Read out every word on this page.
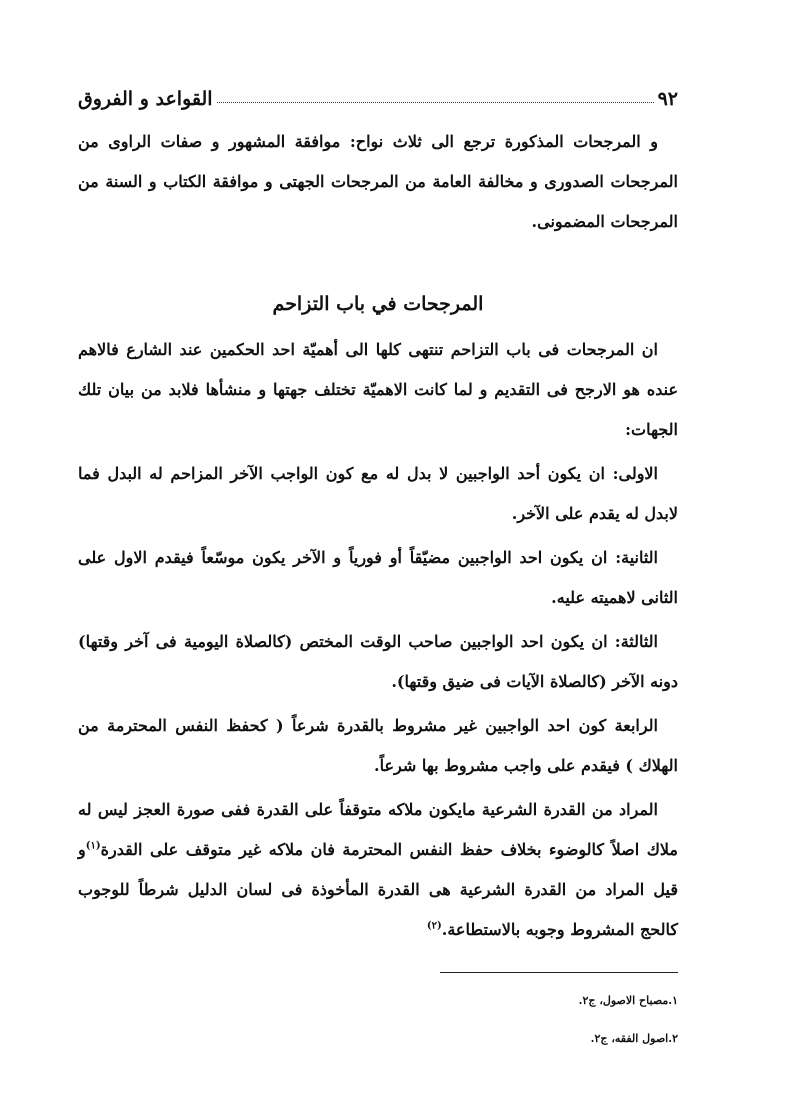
٩٢
القواعد و الفروق

و المرجحات المذكورة ترجع الى ثلاث نواح: موافقة المشهور و صفات الراوى من المرجحات الصدورى و مخالفة العامة من المرجحات الجهتى و موافقة الكتاب و السنة من المرجحات المضمونى.

المرجحات في باب التزاحم

ان المرجحات فى باب التزاحم تنتهى كلها الى أهميّة احد الحكمين عند الشارع فالاهم عنده هو الارجح فى التقديم و لما كانت الاهميّة تختلف جهتها و منشأها فلابد من بيان تلك الجهات:

الاولى: ان يكون أحد الواجبين لا بدل له مع كون الواجب الآخر المزاحم له البدل فما لابدل له يقدم على الآخر.

الثانية: ان يكون احد الواجبين مضيّقاً أو فورياً و الآخر يكون موسّعاً فيقدم الاول على الثانى لاهميته عليه.

الثالثة: ان يكون احد الواجبين صاحب الوقت المختص (كالصلاة اليومية فى آخر وقتها) دونه الآخر (كالصلاة الآيات فى ضيق وقتها).

الرابعة كون احد الواجبين غير مشروط بالقدرة شرعاً ( كحفظ النفس المحترمة من الهلاك ) فيقدم على واجب مشروط بها شرعاً.

المراد من القدرة الشرعية مايكون ملاكه متوقفاً على القدرة ففى صورة العجز ليس له ملاك اصلاً كالوضوء بخلاف حفظ النفس المحترمة فان ملاكه غير متوقف على القدرة$^{(١)}$و قيل المراد من القدرة الشرعية هى القدرة المأخوذة فى لسان الدليل شرطاً للوجوب كالحج المشروط وجوبه بالاستطاعة.$^{(٢)}$

١.مصباح الاصول، ج٢.
٢.اصول الفقه، ج٢.
